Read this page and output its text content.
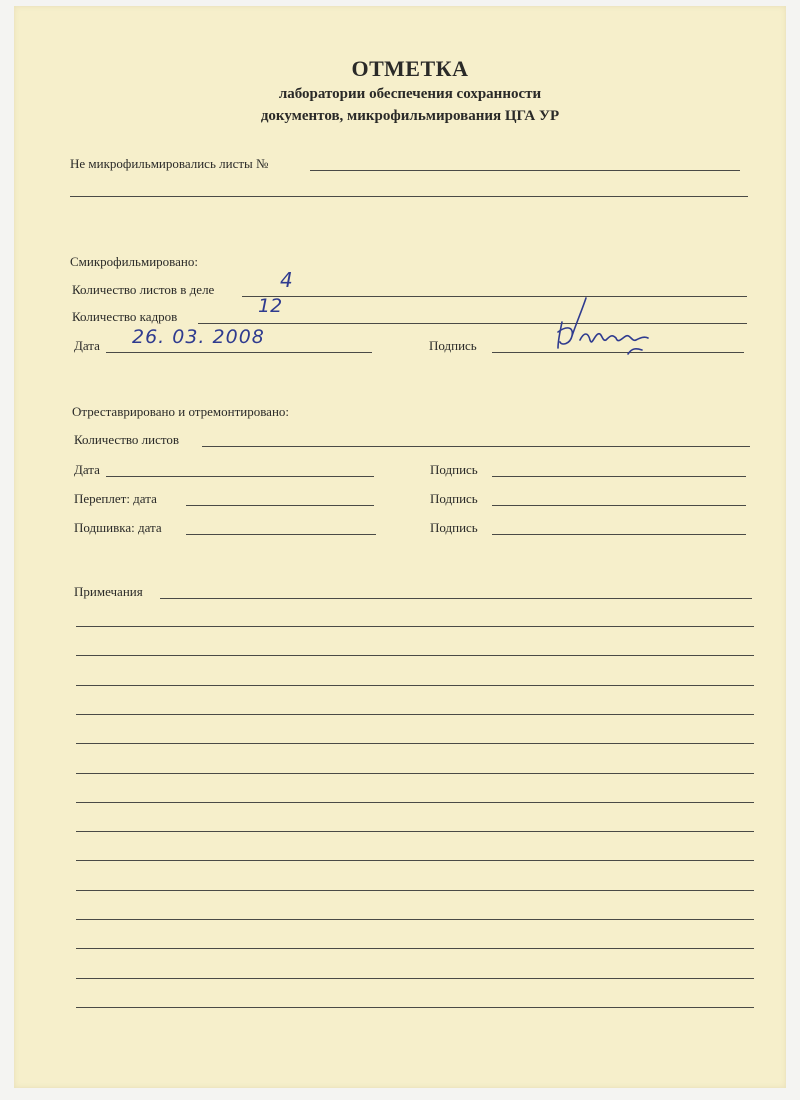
ОТМЕТКА
лаборатории обеспечения сохранности
документов, микрофильмирования ЦГА УР
Не микрофильмировались листы №
Смикрофильмировано:
Количество листов в деле	4
Количество кадров	12
Дата 26. 03. 2008	Подпись
Отреставрировано и отремонтировано:
Количество листов
Дата	Подпись
Переплет: дата	Подпись
Подшивка: дата	Подпись
Примечания
